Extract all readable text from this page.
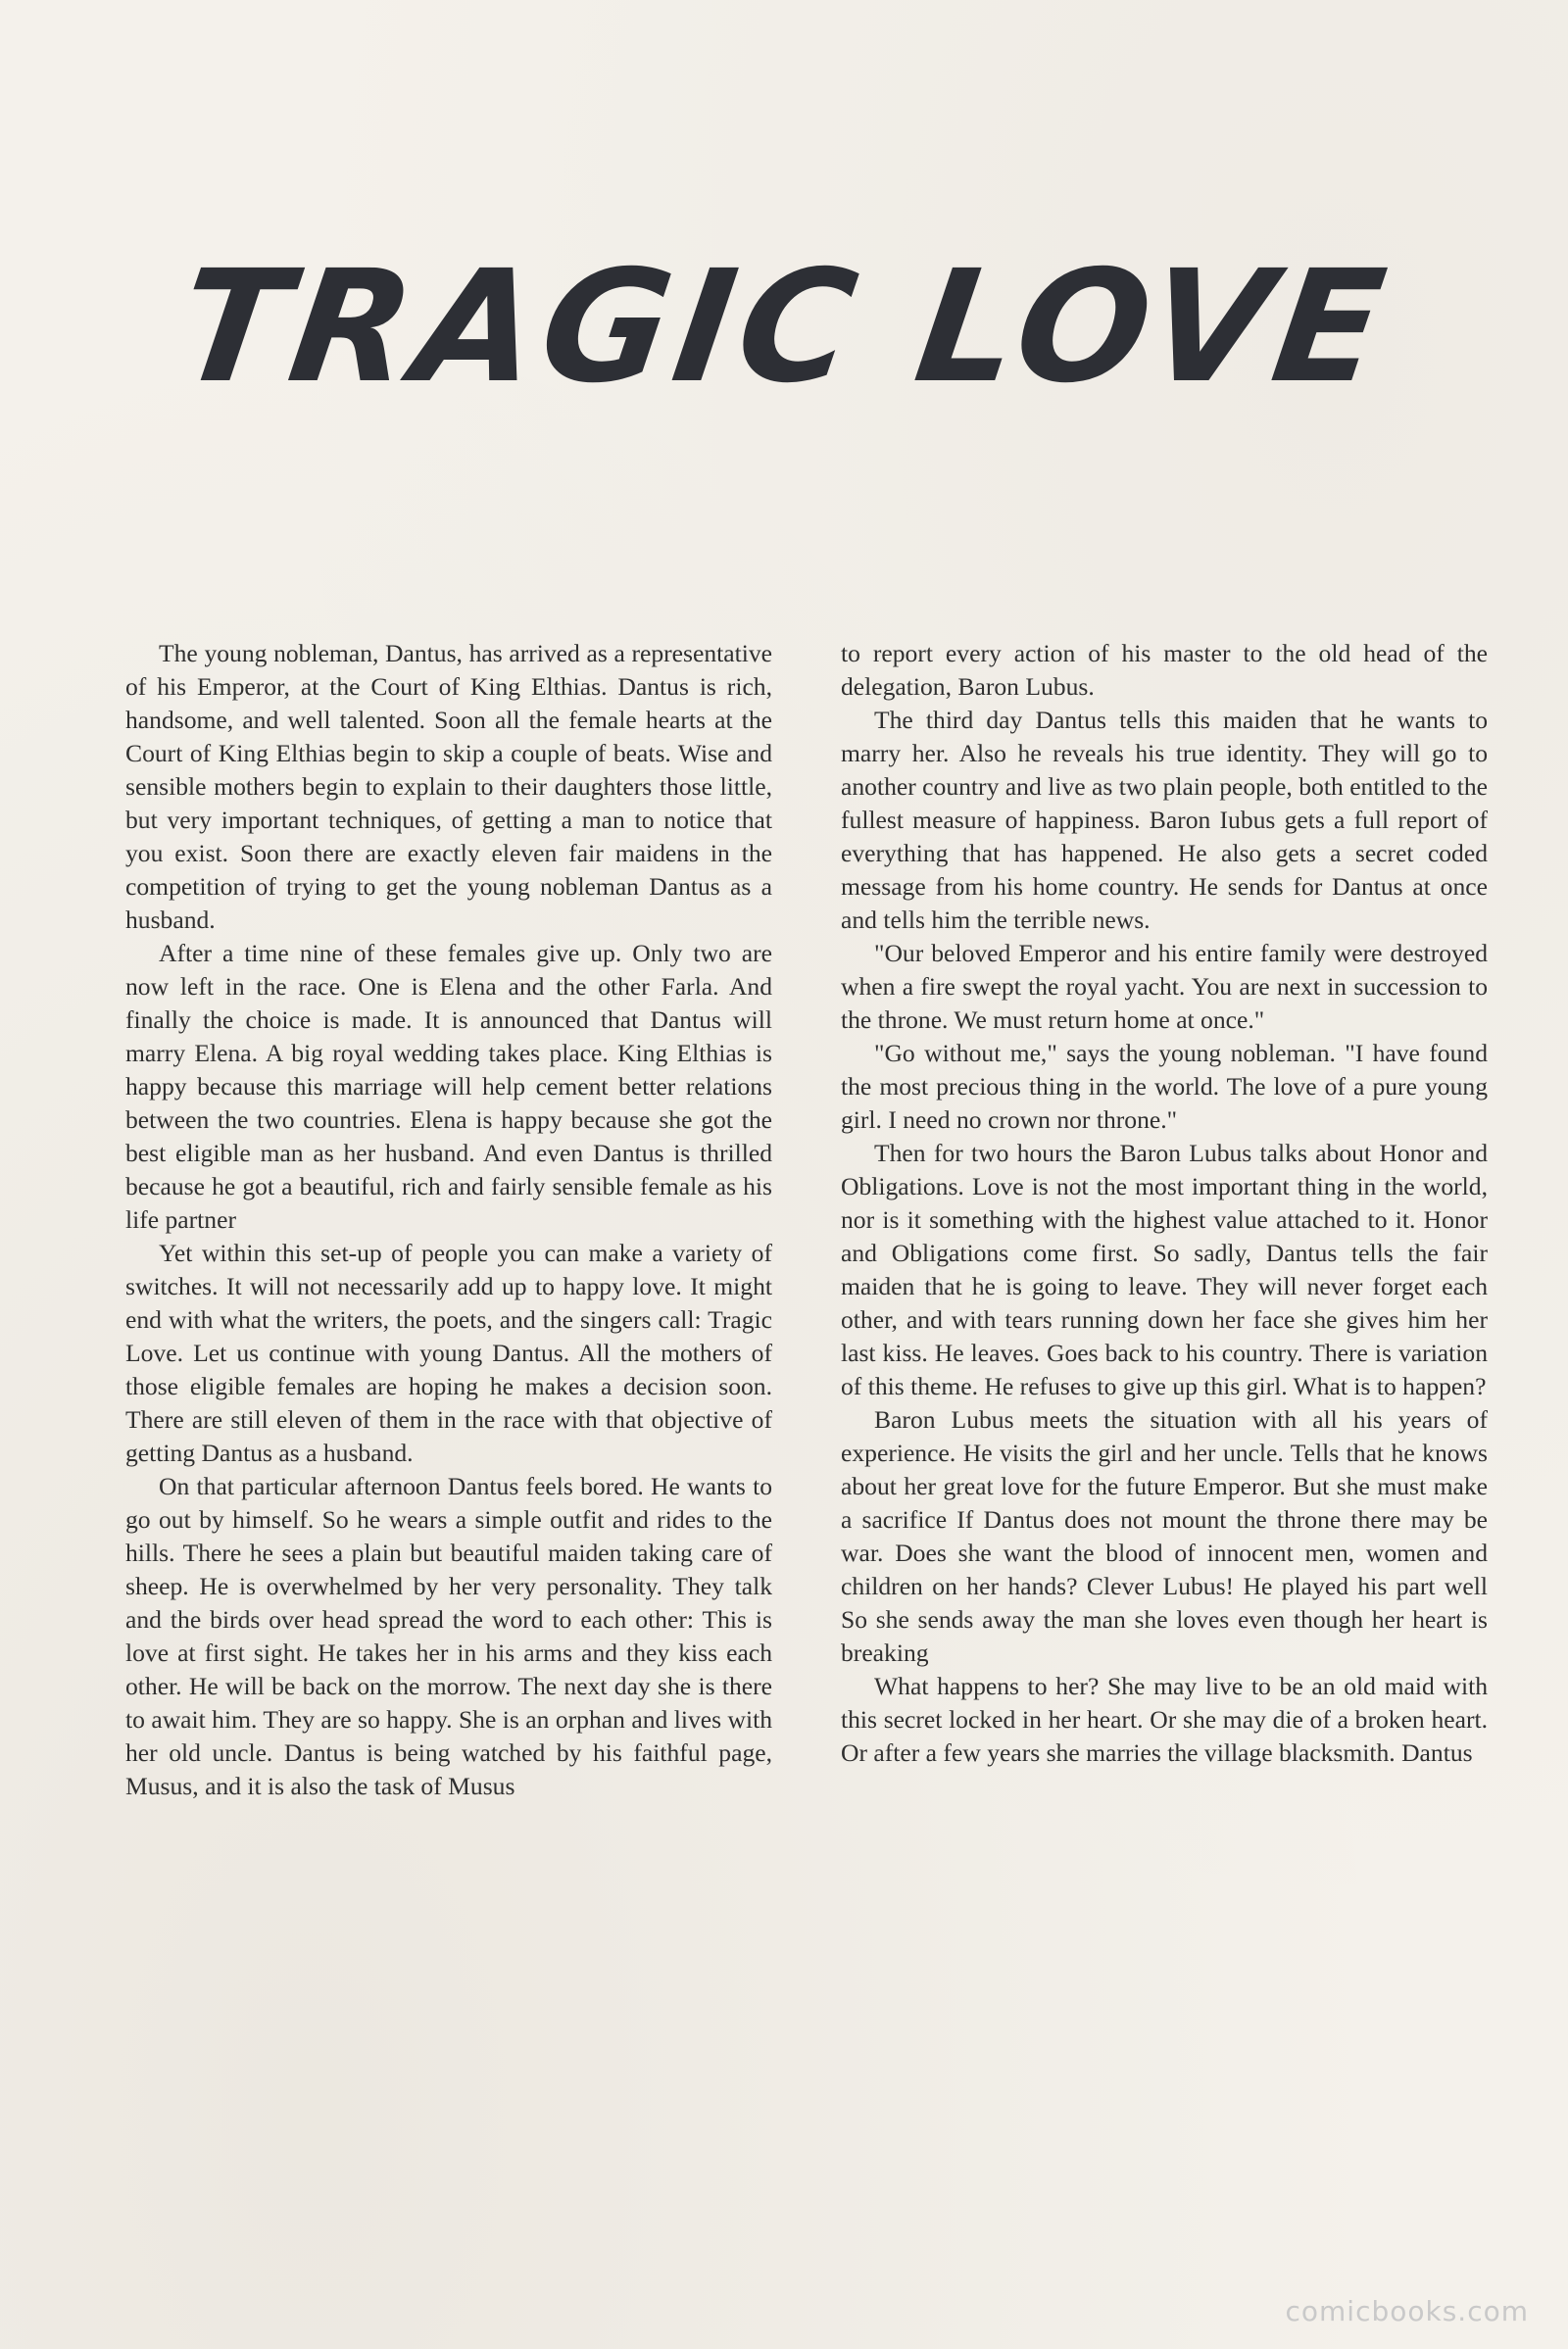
TRAGIC LOVE

The young nobleman, Dantus, has arrived as a representative of his Emperor, at the Court of King Elthias. Dantus is rich, handsome, and well talented. Soon all the female hearts at the Court of King Elthias begin to skip a couple of beats. Wise and sensible mothers begin to explain to their daughters those little, but very important techniques, of getting a man to notice that you exist. Soon there are exactly eleven fair maidens in the competition of trying to get the young nobleman Dantus as a husband.

After a time nine of these females give up. Only two are now left in the race. One is Elena and the other Farla. And finally the choice is made. It is announced that Dantus will marry Elena. A big royal wedding takes place. King Elthias is happy because this marriage will help cement better relations between the two countries. Elena is happy because she got the best eligible man as her husband. And even Dantus is thrilled because he got a beautiful, rich and fairly sensible female as his life partner

Yet within this set-up of people you can make a variety of switches. It will not necessarily add up to happy love. It might end with what the writers, the poets, and the singers call: Tragic Love. Let us continue with young Dantus. All the mothers of those eligible females are hoping he makes a decision soon. There are still eleven of them in the race with that objective of getting Dantus as a husband.

On that particular afternoon Dantus feels bored. He wants to go out by himself. So he wears a simple outfit and rides to the hills. There he sees a plain but beautiful maiden taking care of sheep. He is overwhelmed by her very personality. They talk and the birds over head spread the word to each other: This is love at first sight. He takes her in his arms and they kiss each other. He will be back on the morrow. The next day she is there to await him. They are so happy. She is an orphan and lives with her old uncle. Dantus is being watched by his faithful page, Musus, and it is also the task of Musus

to report every action of his master to the old head of the delegation, Baron Lubus.

The third day Dantus tells this maiden that he wants to marry her. Also he reveals his true identity. They will go to another country and live as two plain people, both entitled to the fullest measure of happiness. Baron Iubus gets a full report of everything that has happened. He also gets a secret coded message from his home country. He sends for Dantus at once and tells him the terrible news.

"Our beloved Emperor and his entire family were destroyed when a fire swept the royal yacht. You are next in succession to the throne. We must return home at once."

"Go without me," says the young nobleman. "I have found the most precious thing in the world. The love of a pure young girl. I need no crown nor throne."

Then for two hours the Baron Lubus talks about Honor and Obligations. Love is not the most important thing in the world, nor is it something with the highest value attached to it. Honor and Obligations come first. So sadly, Dantus tells the fair maiden that he is going to leave. They will never forget each other, and with tears running down her face she gives him her last kiss. He leaves. Goes back to his country. There is variation of this theme. He refuses to give up this girl. What is to happen?

Baron Lubus meets the situation with all his years of experience. He visits the girl and her uncle. Tells that he knows about her great love for the future Emperor. But she must make a sacrifice If Dantus does not mount the throne there may be war. Does she want the blood of innocent men, women and children on her hands? Clever Lubus! He played his part well So she sends away the man she loves even though her heart is breaking

What happens to her? She may live to be an old maid with this secret locked in her heart. Or she may die of a broken heart. Or after a few years she marries the village blacksmith. Dantus

comicbooks.com
